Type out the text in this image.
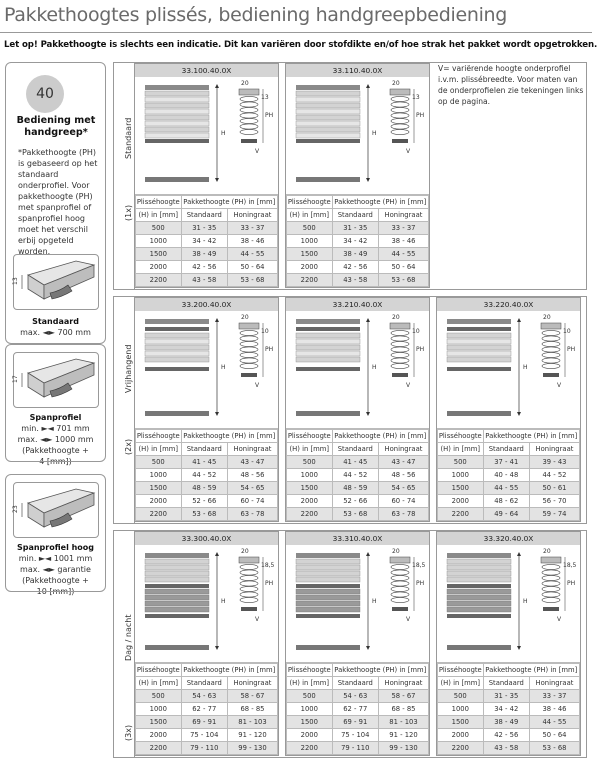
Pakkethoogtes plissés, bediening handgreepbediening
Let op! Pakkethoogte is slechts een indicatie. Dit kan variëren door stofdikte en/of hoe strak het pakket wordt opgetrokken.
40
Bediening met handgreep*
*Pakkethoogte (PH) is gebaseerd op het standaard onderprofiel. Voor pakkethoogte (PH) met spanprofiel of spanprofiel hoog moet het verschil erbij opgeteld worden.
13
Standaard
max. ◄► 700 mm
17
Spanprofiel
min. ►◄ 701 mm
max. ◄► 1000 mm
(Pakkethoogte +
4 [mm])
23
Spanprofiel hoog
min. ►◄ 1001 mm
max. ◄► garantie
(Pakkethoogte +
10 [mm])
V= variërende hoogte onderprofiel i.v.m. plissébreedte. Voor maten van de onderprofielen zie tekeningen links op de pagina.
Standaard
(1x)
Vrijhangend
(2x)
Dag / nacht
(3x)
33.100.40.0X
H
20
PH
V
13
Plisséhoogte	Pakkethoogte (PH) in [mm]	
(H) in [mm]	Standaard	Honingraat
500	31 - 35	33 - 37
1000	34 - 42	38 - 46
1500	38 - 49	44 - 55
2000	42 - 56	50 - 64
2200	43 - 58	53 - 68
33.110.40.0X
H
20
PH
V
13
Plisséhoogte	Pakkethoogte (PH) in [mm]	
(H) in [mm]	Standaard	Honingraat
500	31 - 35	33 - 37
1000	34 - 42	38 - 46
1500	38 - 49	44 - 55
2000	42 - 56	50 - 64
2200	43 - 58	53 - 68
33.200.40.0X
H
20
PH
V
10
Plisséhoogte	Pakkethoogte (PH) in [mm]	
(H) in [mm]	Standaard	Honingraat
500	41 - 45	43 - 47
1000	44 - 52	48 - 56
1500	48 - 59	54 - 65
2000	52 - 66	60 - 74
2200	53 - 68	63 - 78
33.210.40.0X
H
20
PH
V
10
Plisséhoogte	Pakkethoogte (PH) in [mm]	
(H) in [mm]	Standaard	Honingraat
500	41 - 45	43 - 47
1000	44 - 52	48 - 56
1500	48 - 59	54 - 65
2000	52 - 66	60 - 74
2200	53 - 68	63 - 78
33.220.40.0X
H
20
PH
V
10
Plisséhoogte	Pakkethoogte (PH) in [mm]	
(H) in [mm]	Standaard	Honingraat
500	37 - 41	39 - 43
1000	40 - 48	44 - 52
1500	44 - 55	50 - 61
2000	48 - 62	56 - 70
2200	49 - 64	59 - 74
33.300.40.0X
H
20
PH
V
18,5
Plisséhoogte	Pakkethoogte (PH) in [mm]	
(H) in [mm]	Standaard	Honingraat
500	54 - 63	58 - 67
1000	62 - 77	68 - 85
1500	69 - 91	81 - 103
2000	75 - 104	91 - 120
2200	79 - 110	99 - 130
33.310.40.0X
H
20
PH
V
18,5
Plisséhoogte	Pakkethoogte (PH) in [mm]	
(H) in [mm]	Standaard	Honingraat
500	54 - 63	58 - 67
1000	62 - 77	68 - 85
1500	69 - 91	81 - 103
2000	75 - 104	91 - 120
2200	79 - 110	99 - 130
33.320.40.0X
H
20
PH
V
18,5
Plisséhoogte	Pakkethoogte (PH) in [mm]	
(H) in [mm]	Standaard	Honingraat
500	31 - 35	33 - 37
1000	34 - 42	38 - 46
1500	38 - 49	44 - 55
2000	42 - 56	50 - 64
2200	43 - 58	53 - 68
